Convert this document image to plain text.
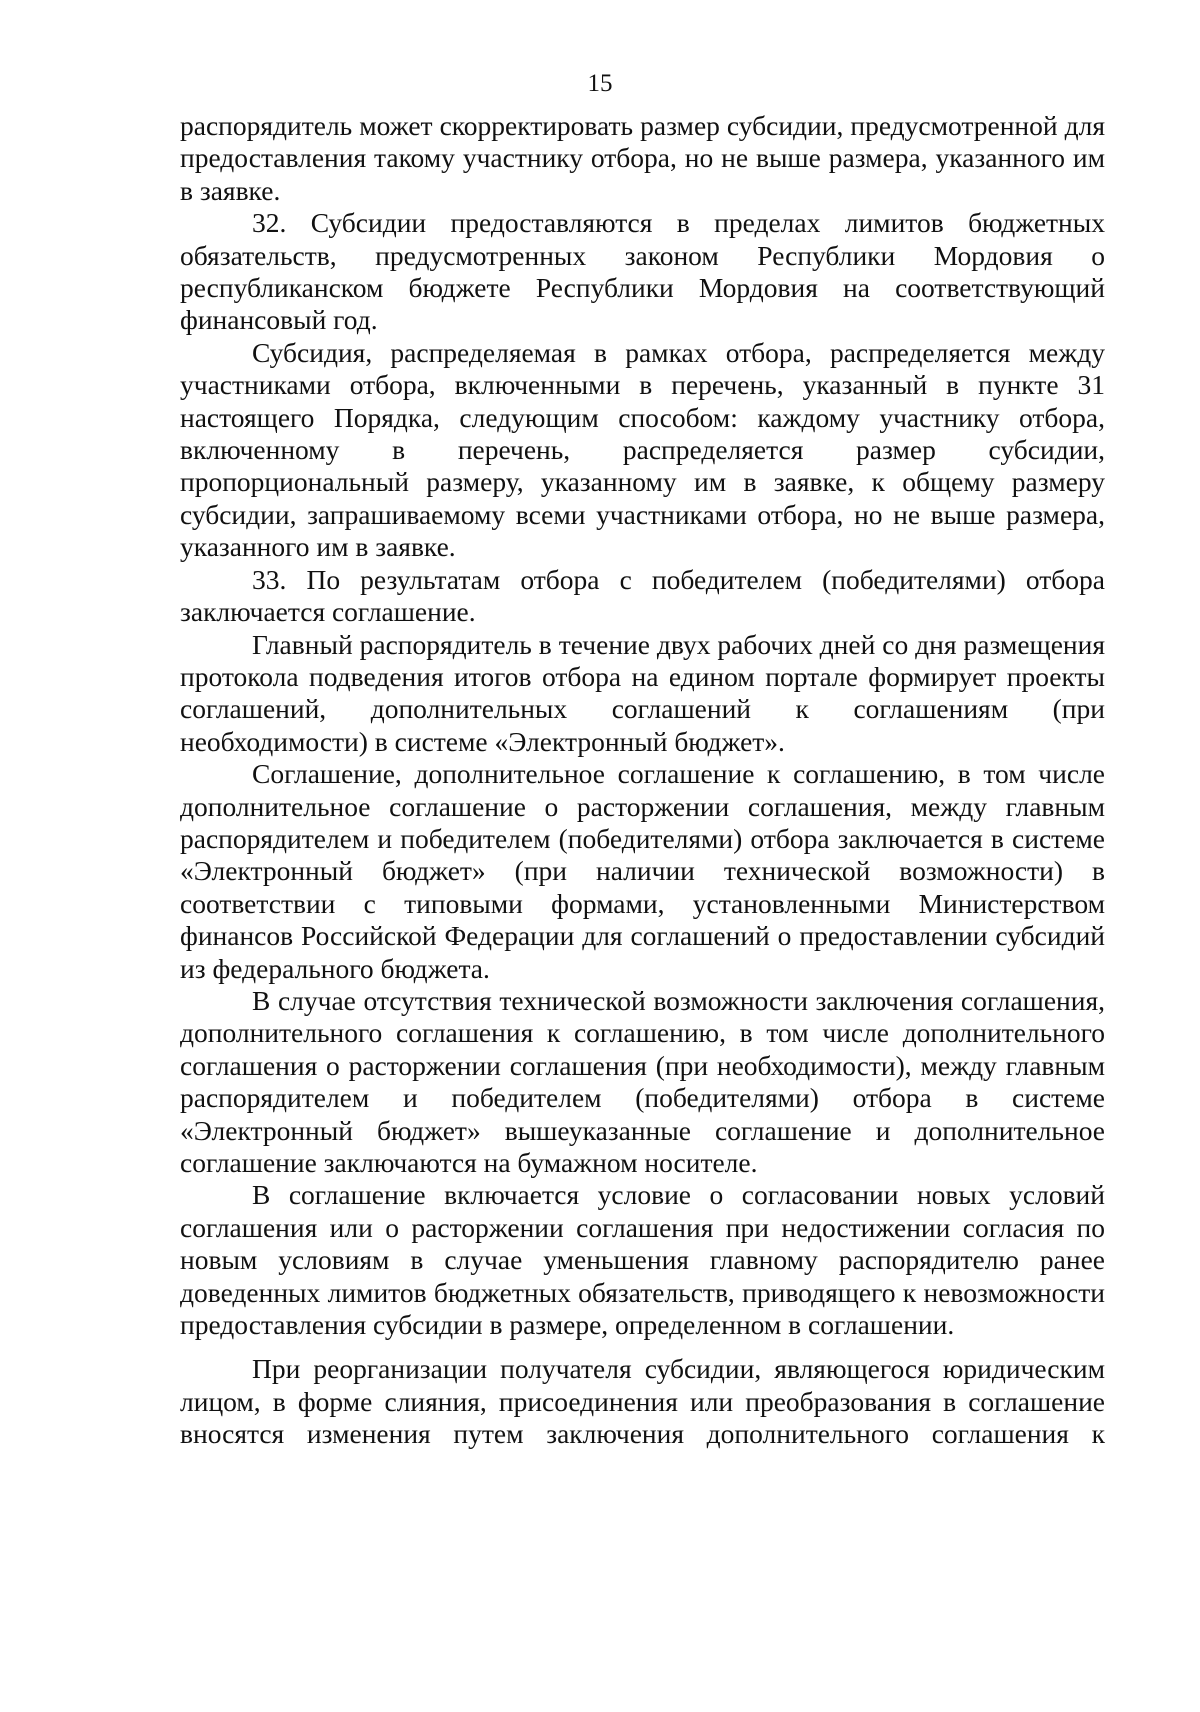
15

распорядитель может скорректировать размер субсидии, предусмотренной для предоставления такому участнику отбора, но не выше размера, указанного им в заявке.

32. Субсидии предоставляются в пределах лимитов бюджетных обязательств, предусмотренных законом Республики Мордовия о республиканском бюджете Республики Мордовия на соответствующий финансовый год.

Субсидия, распределяемая в рамках отбора, распределяется между участниками отбора, включенными в перечень, указанный в пункте 31 настоящего Порядка, следующим способом: каждому участнику отбора, включенному в перечень, распределяется размер субсидии, пропорциональный размеру, указанному им в заявке, к общему размеру субсидии, запрашиваемому всеми участниками отбора, но не выше размера, указанного им в заявке.

33. По результатам отбора с победителем (победителями) отбора заключается соглашение.

Главный распорядитель в течение двух рабочих дней со дня размещения протокола подведения итогов отбора на едином портале формирует проекты соглашений, дополнительных соглашений к соглашениям (при необходимости) в системе «Электронный бюджет».

Соглашение, дополнительное соглашение к соглашению, в том числе дополнительное соглашение о расторжении соглашения, между главным распорядителем и победителем (победителями) отбора заключается в системе «Электронный бюджет» (при наличии технической возможности) в соответствии с типовыми формами, установленными Министерством финансов Российской Федерации для соглашений о предоставлении субсидий из федерального бюджета.

В случае отсутствия технической возможности заключения соглашения, дополнительного соглашения к соглашению, в том числе дополнительного соглашения о расторжении соглашения (при необходимости), между главным распорядителем и победителем (победителями) отбора в системе «Электронный бюджет» вышеуказанные соглашение и дополнительное соглашение заключаются на бумажном носителе.

В соглашение включается условие о согласовании новых условий соглашения или о расторжении соглашения при недостижении согласия по новым условиям в случае уменьшения главному распорядителю ранее доведенных лимитов бюджетных обязательств, приводящего к невозможности предоставления субсидии в размере, определенном в соглашении.

При реорганизации получателя субсидии, являющегося юридическим лицом, в форме слияния, присоединения или преобразования в соглашение вносятся изменения путем заключения дополнительного соглашения к
